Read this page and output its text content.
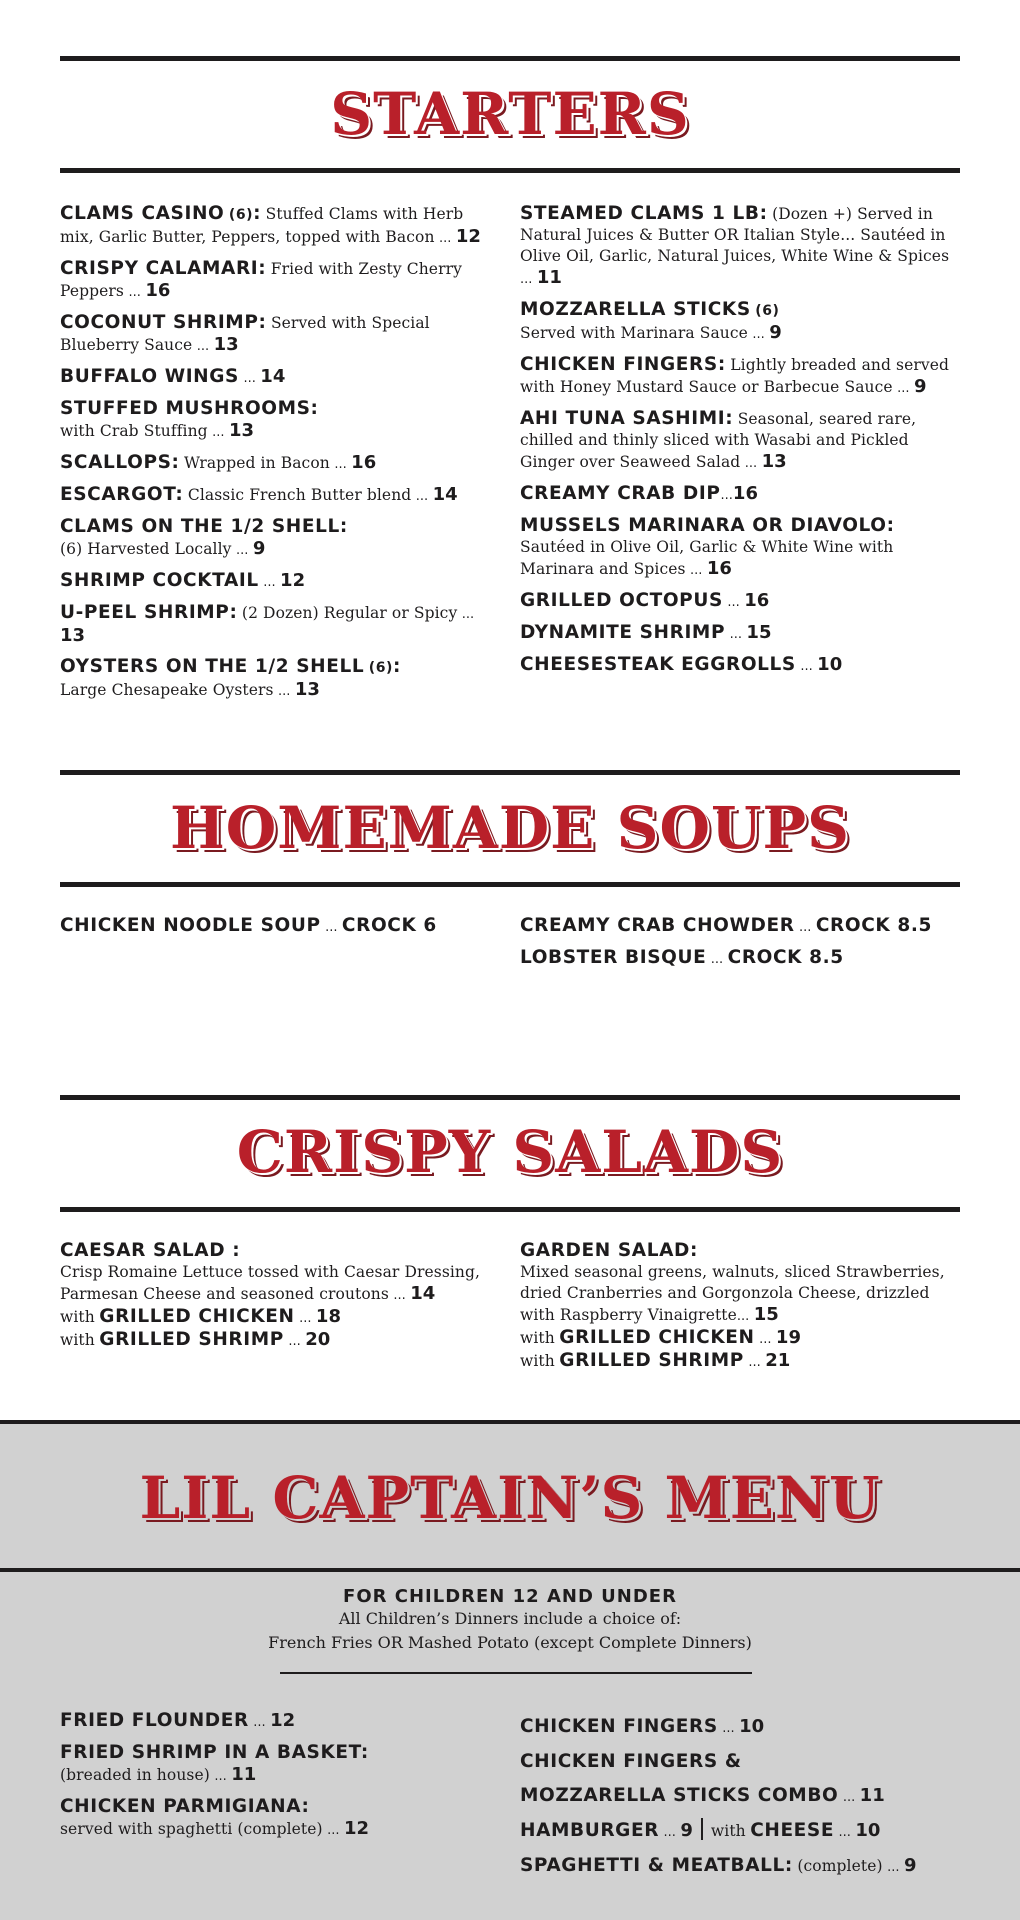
STARTERS
CLAMS CASINO (6): Stuffed Clams with Herb mix, Garlic Butter, Peppers, topped with Bacon ... 12
CRISPY CALAMARI: Fried with Zesty Cherry Peppers ... 16
COCONUT SHRIMP: Served with Special Blueberry Sauce ... 13
BUFFALO WINGS ... 14
STUFFED MUSHROOMS:
with Crab Stuffing ... 13
SCALLOPS: Wrapped in Bacon ... 16
ESCARGOT: Classic French Butter blend ... 14
CLAMS ON THE 1/2 SHELL:
(6) Harvested Locally ... 9
SHRIMP COCKTAIL ... 12
U-PEEL SHRIMP: (2 Dozen) Regular or Spicy ... 13
OYSTERS ON THE 1/2 SHELL (6):
Large Chesapeake Oysters ... 13
STEAMED CLAMS 1 LB: (Dozen +) Served in Natural Juices & Butter OR Italian Style... Sautéed in Olive Oil, Garlic, Natural Juices, White Wine & Spices ... 11
MOZZARELLA STICKS (6)
Served with Marinara Sauce ... 9
CHICKEN FINGERS: Lightly breaded and served with Honey Mustard Sauce or Barbecue Sauce ... 9
AHI TUNA SASHIMI: Seasonal, seared rare, chilled and thinly sliced with Wasabi and Pickled Ginger over Seaweed Salad ... 13
CREAMY CRAB DIP...16
MUSSELS MARINARA OR DIAVOLO:
Sautéed in Olive Oil, Garlic & White Wine with Marinara and Spices ... 16
GRILLED OCTOPUS ... 16
DYNAMITE SHRIMP ... 15
CHEESESTEAK EGGROLLS ... 10
HOMEMADE SOUPS
CHICKEN NOODLE SOUP ... CROCK 6	CREAMY CRAB CHOWDER ... CROCK 8.5
LOBSTER BISQUE ... CROCK 8.5
CRISPY SALADS
CAESAR SALAD :
Crisp Romaine Lettuce tossed with Caesar Dressing, Parmesan Cheese and seasoned croutons ... 14
with GRILLED CHICKEN ... 18
with GRILLED SHRIMP ... 20
GARDEN SALAD:
Mixed seasonal greens, walnuts, sliced Strawberries, dried Cranberries and Gorgonzola Cheese, drizzled with Raspberry Vinaigrette... 15
with GRILLED CHICKEN ... 19
with GRILLED SHRIMP ... 21
LIL CAPTAIN’S MENU
FOR CHILDREN 12 AND UNDER
All Children’s Dinners include a choice of:
French Fries OR Mashed Potato (except Complete Dinners)
FRIED FLOUNDER ... 12
FRIED SHRIMP IN A BASKET:
(breaded in house) ... 11
CHICKEN PARMIGIANA:
served with spaghetti (complete) ... 12
CHICKEN FINGERS ... 10
CHICKEN FINGERS &
MOZZARELLA STICKS COMBO ... 11
HAMBURGER ... 9 with CHEESE ... 10
SPAGHETTI & MEATBALL: (complete) ... 9
